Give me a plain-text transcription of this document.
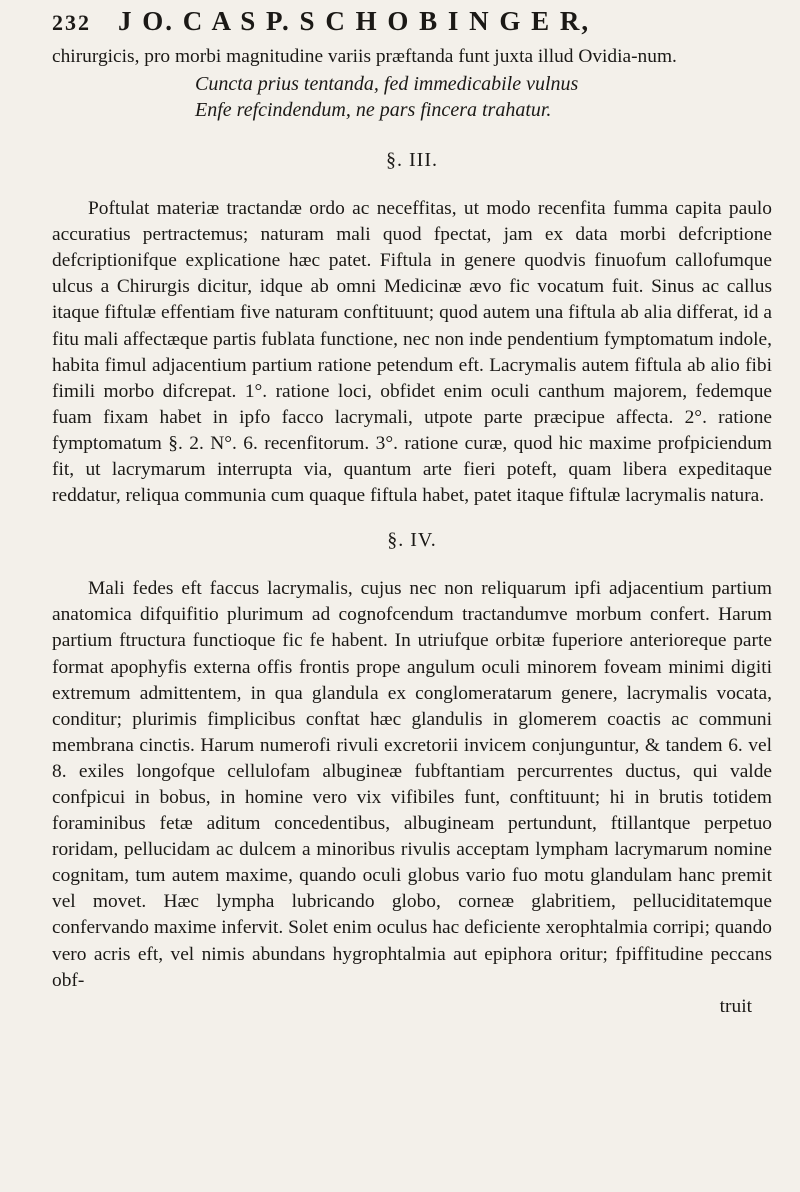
232	J O. C A S P. S C H O B I N G E R,

chirurgicis, pro morbi magnitudine variis præftanda funt juxta illud Ovidia-num.

Cuncta prius tentanda, fed immedicabile vulnus
Enfe refcindendum, ne pars fincera trahatur.
§. III.

Poftulat materiæ tractandæ ordo ac neceffitas, ut modo recenfita fumma capita paulo accuratius pertractemus; naturam mali quod fpectat, jam ex data morbi defcriptione defcriptionifque explicatione hæc patet. Fiftula in genere quodvis finuofum callofumque ulcus a Chirurgis dicitur, idque ab omni Medicinæ ævo fic vocatum fuit. Sinus ac callus itaque fiftulæ effentiam five naturam conftituunt; quod autem una fiftula ab alia differat, id a fitu mali affectæque partis fublata functione, nec non inde pendentium fymptomatum indole, habita fimul adjacentium partium ratione petendum eft. Lacrymalis autem fiftula ab alio fibi fimili morbo difcrepat. 1°. ratione loci, obfidet enim oculi canthum majorem, fedemque fuam fixam habet in ipfo facco lacrymali, utpote parte præcipue affecta. 2°. ratione fymptomatum §. 2. N°. 6. recenfitorum. 3°. ratione curæ, quod hic maxime profpiciendum fit, ut lacrymarum interrupta via, quantum arte fieri poteft, quam libera expeditaque reddatur, reliqua communia cum quaque fiftula habet, patet itaque fiftulæ lacrymalis natura.

§. IV.

Mali fedes eft faccus lacrymalis, cujus nec non reliquarum ipfi adjacentium partium anatomica difquifitio plurimum ad cognofcendum tractandumve morbum confert. Harum partium ftructura functioque fic fe habent. In utriufque orbitæ fuperiore anterioreque parte format apophyfis externa offis frontis prope angulum oculi minorem foveam minimi digiti extremum admittentem, in qua glandula ex conglomeratarum genere, lacrymalis vocata, conditur; plurimis fimplicibus conftat hæc glandulis in glomerem coactis ac communi membrana cinctis. Harum numerofi rivuli excretorii invicem conjunguntur, & tandem 6. vel 8. exiles longofque cellulofam albugineæ fubftantiam percurrentes ductus, qui valde confpicui in bobus, in homine vero vix vifibiles funt, conftituunt; hi in brutis totidem foraminibus fetæ aditum concedentibus, albugineam pertundunt, ftillantque perpetuo roridam, pellucidam ac dulcem a minoribus rivulis acceptam lympham lacrymarum nomine cognitam, tum autem maxime, quando oculi globus vario fuo motu glandulam hanc premit vel movet. Hæc lympha lubricando globo, corneæ glabritiem, pelluciditatemque confervando maxime infervit. Solet enim oculus hac deficiente xerophtalmia corripi; quando vero acris eft, vel nimis abundans hygrophtalmia aut epiphora oritur; fpiffitudine peccans obf-

truit
